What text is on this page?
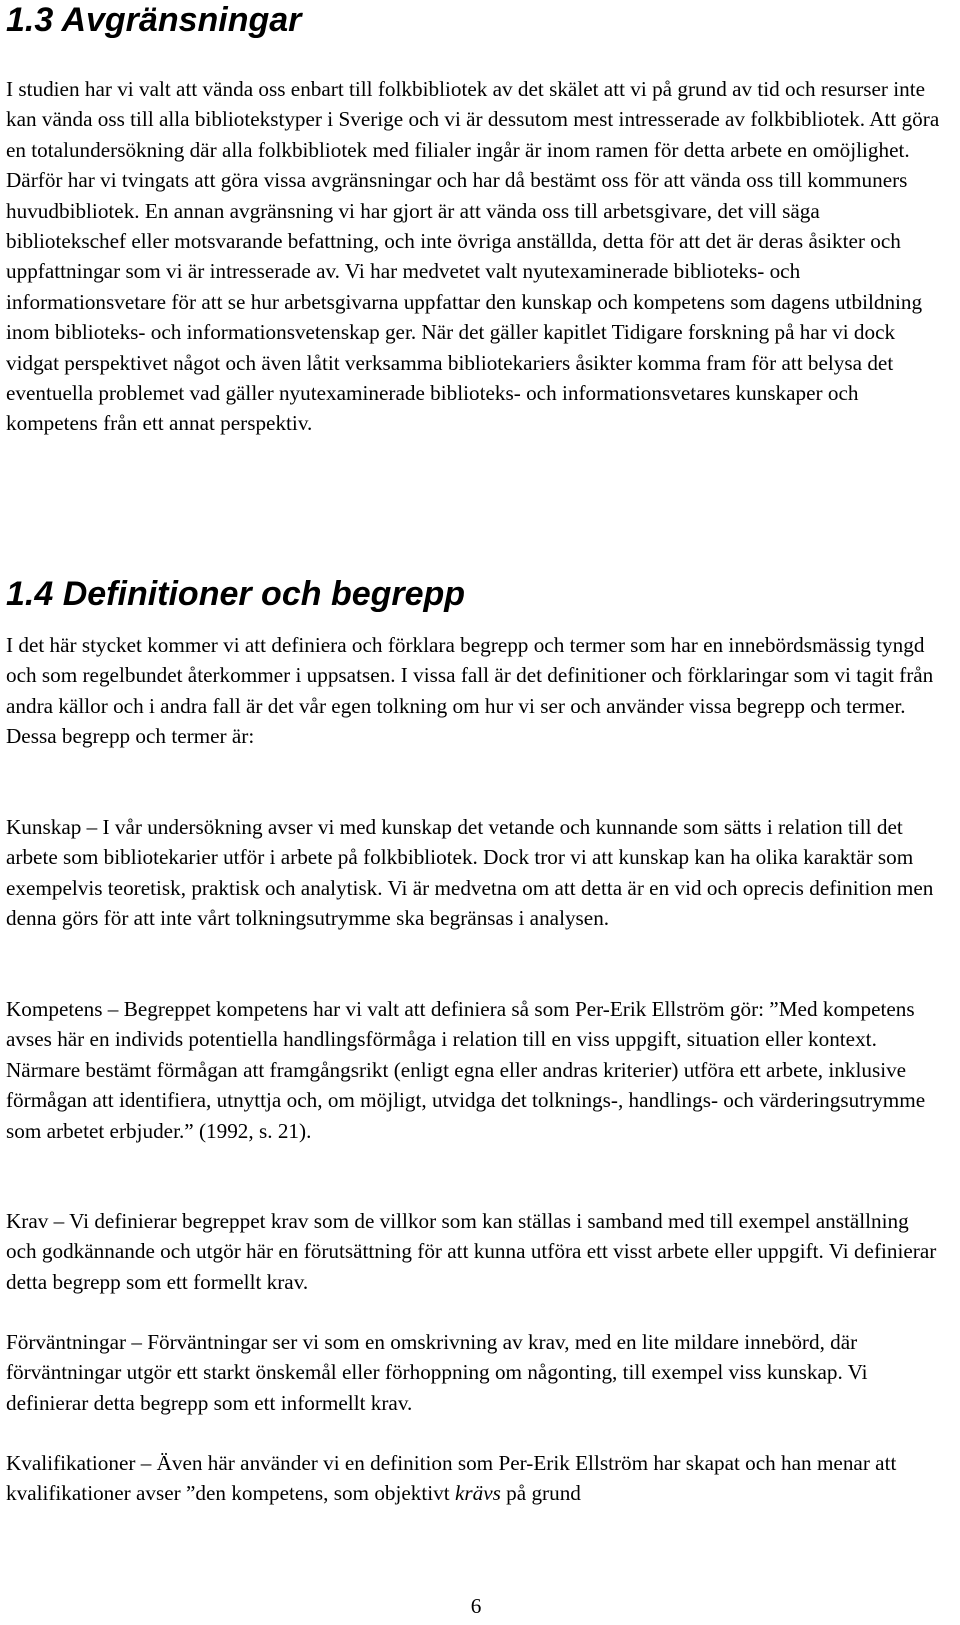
1.3 Avgränsningar

I studien har vi valt att vända oss enbart till folkbibliotek av det skälet att vi på grund av tid och resurser inte kan vända oss till alla bibliotekstyper i Sverige och vi är dessutom mest intresserade av folkbibliotek. Att göra en totalundersökning där alla folkbibliotek med filialer ingår är inom ramen för detta arbete en omöjlighet. Därför har vi tvingats att göra vissa avgränsningar och har då bestämt oss för att vända oss till kommuners huvudbibliotek. En annan avgränsning vi har gjort är att vända oss till arbetsgivare, det vill säga bibliotekschef eller motsvarande befattning, och inte övriga anställda, detta för att det är deras åsikter och uppfattningar som vi är intresserade av. Vi har medvetet valt nyutexaminerade biblioteks- och informationsvetare för att se hur arbetsgivarna uppfattar den kunskap och kompetens som dagens utbildning inom biblioteks- och informationsvetenskap ger. När det gäller kapitlet Tidigare forskning på har vi dock vidgat perspektivet något och även låtit verksamma bibliotekariers åsikter komma fram för att belysa det eventuella problemet vad gäller nyutexaminerade biblioteks- och informationsvetares kunskaper och kompetens från ett annat perspektiv.

1.4 Definitioner och begrepp

I det här stycket kommer vi att definiera och förklara begrepp och termer som har en innebördsmässig tyngd och som regelbundet återkommer i uppsatsen. I vissa fall är det definitioner och förklaringar som vi tagit från andra källor och i andra fall är det vår egen tolkning om hur vi ser och använder vissa begrepp och termer. Dessa begrepp och termer är:

Kunskap – I vår undersökning avser vi med kunskap det vetande och kunnande som sätts i relation till det arbete som bibliotekarier utför i arbete på folkbibliotek. Dock tror vi att kunskap kan ha olika karaktär som exempelvis teoretisk, praktisk och analytisk. Vi är medvetna om att detta är en vid och oprecis definition men denna görs för att inte vårt tolkningsutrymme ska begränsas i analysen.

Kompetens – Begreppet kompetens har vi valt att definiera så som Per-Erik Ellström gör: ”Med kompetens avses här en individs potentiella handlingsförmåga i relation till en viss uppgift, situation eller kontext. Närmare bestämt förmågan att framgångsrikt (enligt egna eller andras kriterier) utföra ett arbete, inklusive förmågan att identifiera, utnyttja och, om möjligt, utvidga det tolknings-, handlings- och värderingsutrymme som arbetet erbjuder.” (1992, s. 21).

Krav – Vi definierar begreppet krav som de villkor som kan ställas i samband med till exempel anställning och godkännande och utgör här en förutsättning för att kunna utföra ett visst arbete eller uppgift. Vi definierar detta begrepp som ett formellt krav.

Förväntningar – Förväntningar ser vi som en omskrivning av krav, med en lite mildare innebörd, där förväntningar utgör ett starkt önskemål eller förhoppning om någonting, till exempel viss kunskap. Vi definierar detta begrepp som ett informellt krav.

Kvalifikationer – Även här använder vi en definition som Per-Erik Ellström har skapat och han menar att kvalifikationer avser ”den kompetens, som objektivt krävs på grund

6
